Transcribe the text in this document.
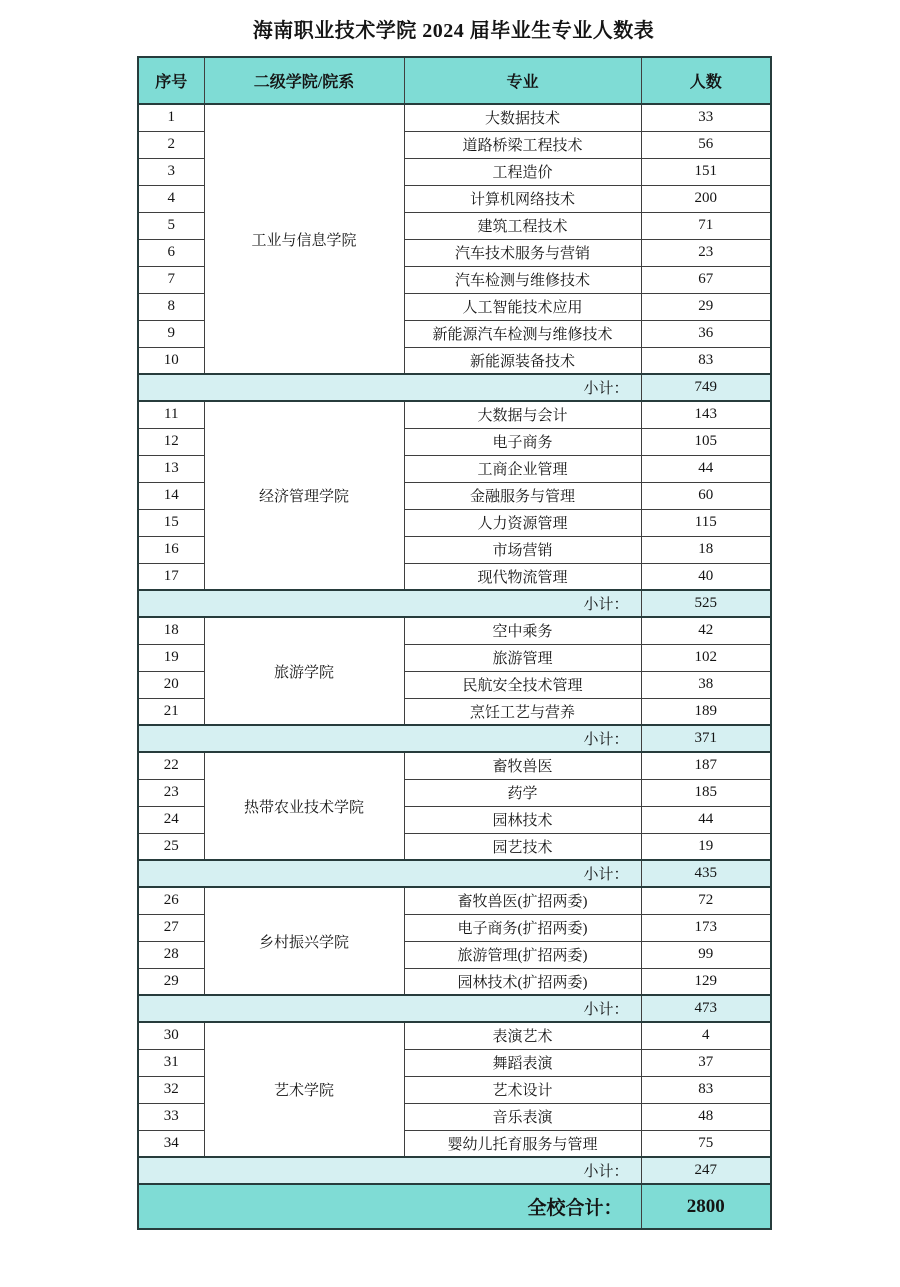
海南职业技术学院 2024 届毕业生专业人数表
序号	二级学院/院系	专业	人数
1	工业与信息学院	大数据技术	33
2		道路桥梁工程技术	56
3		工程造价	151
4		计算机网络技术	200
5		建筑工程技术	71
6		汽车技术服务与营销	23
7		汽车检测与维修技术	67
8		人工智能技术应用	29
9		新能源汽车检测与维修技术	36
10		新能源装备技术	83
小计：			749
11	经济管理学院	大数据与会计	143
12		电子商务	105
13		工商企业管理	44
14		金融服务与管理	60
15		人力资源管理	115
16		市场营销	18
17		现代物流管理	40
小计：			525
18	旅游学院	空中乘务	42
19		旅游管理	102
20		民航安全技术管理	38
21		烹饪工艺与营养	189
小计：			371
22	热带农业技术学院	畜牧兽医	187
23		药学	185
24		园林技术	44
25		园艺技术	19
小计：			435
26	乡村振兴学院	畜牧兽医(扩招两委)	72
27		电子商务(扩招两委)	173
28		旅游管理(扩招两委)	99
29		园林技术(扩招两委)	129
小计：			473
30	艺术学院	表演艺术	4
31		舞蹈表演	37
32		艺术设计	83
33		音乐表演	48
34		婴幼儿托育服务与管理	75
小计：			247
全校合计：			2800
